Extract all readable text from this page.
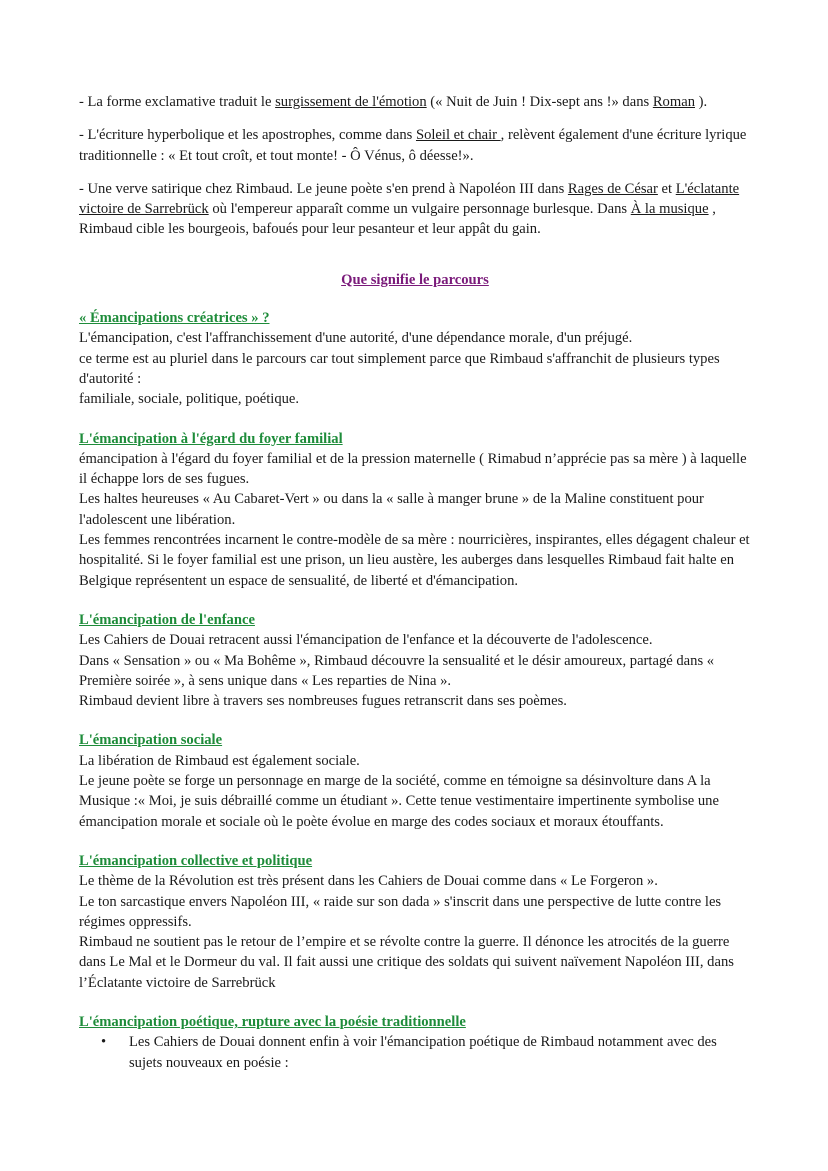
- La forme exclamative traduit le surgissement de l'émotion (« Nuit de Juin ! Dix-sept ans !» dans Roman ).

- L'écriture hyperbolique et les apostrophes, comme dans Soleil et chair , relèvent également d'une écriture lyrique traditionnelle : « Et tout croît, et tout monte! - Ô Vénus, ô déesse!».

- Une verve satirique chez Rimbaud. Le jeune poète s'en prend à Napoléon III dans Rages de César et L'éclatante victoire de Sarrebrück où l'empereur apparaît comme un vulgaire personnage burlesque. Dans À la musique , Rimbaud cible les bourgeois, bafoués pour leur pesanteur et leur appât du gain.

Que signifie le parcours

« Émancipations créatrices » ?

L'émancipation, c'est l'affranchissement d'une autorité, d'une dépendance morale, d'un préjugé.

ce terme est au pluriel dans le parcours car tout simplement parce que Rimbaud s'affranchit de plusieurs types d'autorité :

familiale, sociale, politique, poétique.

L'émancipation à l'égard du foyer familial

émancipation à l'égard du foyer familial et de la pression maternelle ( Rimabud n’apprécie pas sa mère ) à laquelle il échappe lors de ses fugues.

Les haltes heureuses « Au Cabaret-Vert » ou dans la « salle à manger brune » de la Maline constituent pour l'adolescent une libération.

Les femmes rencontrées incarnent le contre-modèle de sa mère : nourricières, inspirantes, elles dégagent chaleur et hospitalité. Si le foyer familial est une prison, un lieu austère, les auberges dans lesquelles Rimbaud fait halte en Belgique représentent un espace de sensualité, de liberté et d'émancipation.

L'émancipation de l'enfance

Les Cahiers de Douai retracent aussi l'émancipation de l'enfance et la découverte de l'adolescence.

Dans « Sensation » ou « Ma Bohême », Rimbaud découvre la sensualité et le désir amoureux, partagé dans « Première soirée », à sens unique dans « Les reparties de Nina ».

Rimbaud devient libre à travers ses nombreuses fugues retranscrit dans ses poèmes.

L'émancipation sociale

La libération de Rimbaud est également sociale.

Le jeune poète se forge un personnage en marge de la société, comme en témoigne sa désinvolture dans A la Musique :« Moi, je suis débraillé comme un étudiant ». Cette tenue vestimentaire impertinente symbolise une émancipation morale et sociale où le poète évolue en marge des codes sociaux et moraux étouffants.

L'émancipation collective et politique

Le thème de la Révolution est très présent dans les Cahiers de Douai comme dans « Le Forgeron ».

Le ton sarcastique envers Napoléon III, « raide sur son dada » s'inscrit dans une perspective de lutte contre les régimes oppressifs.

Rimbaud ne soutient pas le retour de l’empire et se révolte contre la guerre. Il dénonce les atrocités de la guerre dans Le Mal et le Dormeur du val. Il fait aussi une critique des soldats qui suivent naïvement Napoléon III, dans l’Éclatante victoire de Sarrebrück

L'émancipation poétique, rupture avec la poésie traditionnelle

• Les Cahiers de Douai donnent enfin à voir l'émancipation poétique de Rimbaud notamment avec des sujets nouveaux en poésie :
